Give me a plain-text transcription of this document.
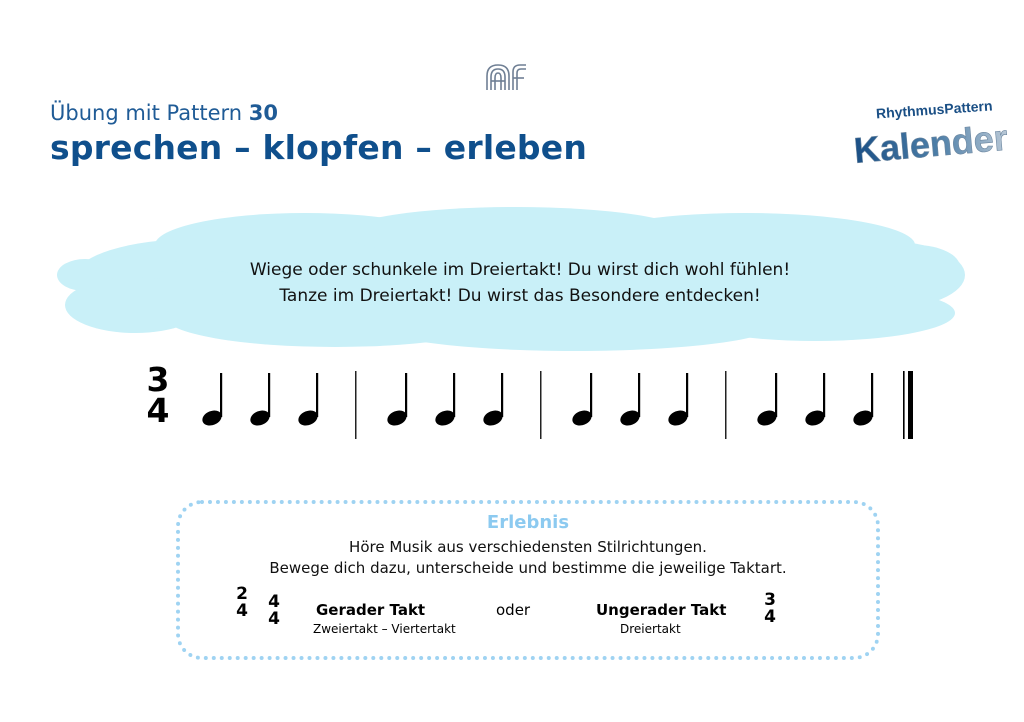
Übung mit Pattern 30
sprechen – klopfen – erleben
RhythmusPattern
Kalender
Wiege oder schunkele im Dreiertakt! Du wirst dich wohl fühlen!
Tanze im Dreiertakt! Du wirst das Besondere entdecken!
3
4
Erlebnis
Höre Musik aus verschiedensten Stilrichtungen.
Bewege dich dazu, unterscheide und bestimme die jeweilige Taktart.
2
4 4
4 Gerader Takt
Zweiertakt – Viertertakt
oder	Ungerader Takt
Dreiertakt
3
4
